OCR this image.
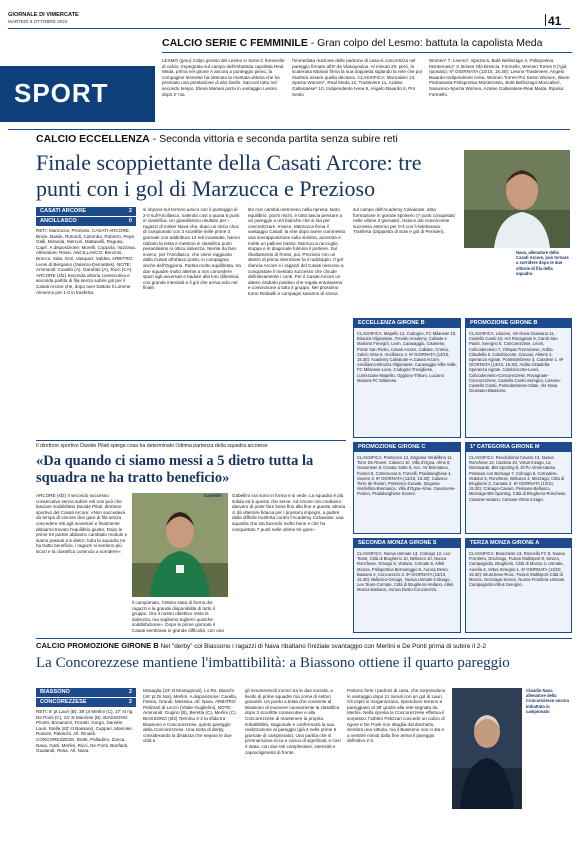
GIORNALE DI VIMERCATE
MARTEDÌ 8 OTTOBRE 2024	41
SPORT
CALCIO SERIE C FEMMINILE - Gran colpo del Lesmo: battuta la capolista Meda
LESMO (gmu) Colpo grosso del Lesmo in Serie C femminile di calcio. Impegnata sul campo dell'imbattuta capolista Real Meda, prima nel girone A ancora a punteggio pieno, la compagine lesmese ha ottenuto la meritata vittoria che ha premiato una prestazione di alto livello. Sacconi tutto nel secondo tempo. Elena Mariani porta in vantaggio Lesmo dopo 2' ma
l'immediata reazione delle padrone di casa si concretizza nel pareggio firmato all'8' da Vlasopoulou. Al minuto 20, però, la scatenata Mariani firma la sua doppietta siglando la rete che poi risulterà essere quella decisiva. CLASSIFICA: Moncalieri 13, Spezia Women*, Real Meda 12, Trastevere 11, Azalee Gallaratese* 10, Indipendente Ivrea 9, Angelo Baiardo 8, Pro Sesto
Women* 7, Lesmo*, Spezia 6, Bulè Bellinzago 4, Polisportiva Monterosso* 3, Brixen Obi Brescia, Formello, Women Torres 0 (*già riposato). 6ª GIORNATA (13/10, 15.30): Lesmo-Trastevere, Angelo Baiardo-Indipendente Ivrea, Women Torres-Pro Sesto Women, Bixen Pietrasanta-Polisportiva Monterosso, Bulè Bellinzago-Moncalieri, Saraceno-Spezia Women, Azalee Gallaratese-Real Meda. Riposa: Formello.
CALCIO ECCELLENZA - Seconda vittoria e seconda partita senza subire reti
Finale scoppiettante della Casati Arcore: tre punti con i gol di Marzucca e Prezioso
Nava, allenatore della Casati Arcore, può tornare a sorridere dopo le due vittorie di fila della squadra
CASATI ARCORE	2
ANCILLASCO	0
RETI: Marzucca, Prezioso. CASATI ARCORE: Brivio, Basile, Rotondi, Colombo, Ruberto, Pepe, Galli, Miranda, Mercuri, Mattavelli, Ragusa, Caprì. A disposizione: Morelli, Coppola, Vazzana. Allenatore: Rossi. ANCILLASCO: Benzoni, Brocco, Sala, Gori, Vasquez, Valdes. ARBITRO: Leoni di Bergamo (Salerno-Dematteis). NOTE: Ammoniti: Cavallo (A), Garofalo (A), Ricci (CA). ARCORE (sf2) Seconda vittoria consecutiva e seconda partita di fila senza subire gol per il Casati Arcore che, dopo aver battuto il Lomme Almenno per 1-0 in trasferta,
si impone sul terreno amico con il punteggio di 2-0 sull'Ancillasco, salendo così a quota 6 punti in classifica. Un grandissimo risultato per i ragazzi di mister Nava che, dopo un inizio choc di campionato con 3 sconfitte nelle prime 3 giornate con addirittura 12 reti incassate, hanno rialzato la testa e mettono in classifica punti pesantissimi in ottica salvezza. Niente da fare, invece, per l'Ancillasco, che viene raggiunto dalla Casati all'ottavo posto, in compagnia anche dell'Oggiono. Partita molto equilibrata, tra due squadre molto attente a non concedere spazi agli avversari e badare alla loro difensiva, con grande intensità e il gol che arriva solo nel finale.
tito non cambia nemmeno nella ripresa: tanto equilibrio, pochi rischi, e tutto lascia pensare a un pareggio a reti bianche che si sta per concretizzare. Invece, Marzucca firma il vantaggio Casati: la rete dopo avere commesso una sovrapposizione sulla sinistra, accentra e mette un pallone basso: Marzucca raccoglie, stoppa e in diagonale fulmina il portiere. Sul ribaltamento di fronte, poi, Prezioso con un destro di prima intenzione fa il raddoppio. Il gol rilancia Arcore e i ragazzi del Casati riescono a conquistare il meritato successo che chiude definitivamente i conti. Per il Casati Arcore un atteso risultato positivo che regala entusiasmo e convinzione a tutto il gruppo. Nel prossimo turno Redaelli e compagni saranno di scena
sul campo dell'Academy Calvairate, altra formazione in grande spolvero (7 punti conquistati nelle ultime 3 giornate), reduce dal convincente successo esterno per 0-3 con l'Aldebarana. Trasferta (doppietta di Sow e gol di Pensieri).
ECCELLENZA GIRONE B
CLASSIFICA: Mapello 12, Codogno, FC Milanese 10, Brianza Olginatese, Trevido Academy, Cabiate e Mariano Fenegrò, Leon, Caravaggio, Cisanese, Ponte San Pietro, Casati Arcore, Cabiate, Crema, Calcio Orsa 6, Ancillasco 4. 6ª GIORNATA (13/10, 15.30): Academy Calvairate-A.Casati Arcore, Ancillasco-Brianza Olginatese, Caravaggio-Villa Valle, FC Milanese-Leon, Codogno-Trevigliese, Lumezzane-Mapello, Oggiono-Tritium, Luciano Manara-FC Milanese.
PROMOZIONE GIRONE B
CLASSIFICA: Lissone, Vis Nova Giussano 11, Castello Cantù 10, Ars Rovagnate 9, Cantù San Paolo, Seregno 8, Concorezzese, Leoni, Colicodervieno 7, Olimpia Trezzanese, Ardita Cittadella 5, Calolziocorte, Giovani, Alserio 4, Speranza Agrate, Pontelambrese 3, Caratese 1. 6ª GIORNATA (13/10, 15.30): Ardita Cittadella-Speranza Agrate, Calolziocorte-Leoni, Colicodervieno-Concorezzese, Rovagnate-Concorezzese, Castello Cantù-Seregno, Lissone-Castello Cantù, Pontelambrese-Olate, Vis Nova Giussano-Biassono.
Il direttore sportivo Davide Pilati spiega cosa ha determinato l'ottima partenza della squadra arcorese
«Da quando ci siamo messi a 5 dietro tutta la squadra ne ha tratto beneficio»
ARCORE (sf2) Il secondo successo consecutivo senza subire reti non può che lasciare soddisfatto Davide Pilati, direttore sportivo del Casati Arcore: «Non succedeva da tempo di vincere due gare di fila senza concedere reti agli avversari e finalmente abbiamo trovato l'equilibrio giusto. Dopo le prime tre partite abbiamo cambiato modulo e siamo passati a 5 dietro: tutta la squadra ne ha tratto beneficio, i ragazzi si sentono più sicuri e la classifica comincia a sorridere».
Gabellini
il campionato, l'ottimo stato di forma dei ragazzi e la grande disponibilità di tutto il gruppo. Ora il nostro obiettivo resta la salvezza, ma vogliamo toglierci qualche soddisfazione». Dopo le prime giornate il Casati sembrava in grande difficoltà, con una
Gabellini ora sono in forma e si vede. La squadra è più solida ed è questo che serve. Ad Arcore ora crediamo davvero di poter fare bene fino alla fine e questa vittoria ci dà ulteriore fiducia per i prossimi impegni, a partire dalla difficile trasferta contro l'Academy Calvairate, una squadra che sta facendo molto bene e che ha conquistato 7 punti nelle ultime tre gare».
PROMOZIONE GIRONE C
CLASSIFICA: Pontevico 13, Zingonia Verdellino 11, Torre De Roveri, Calusco 10, Villa d'Ogna, Alme 8, Gavarnese 8, Cenate Sotto 6, Acc. AV Bremasca, Fiorino 6, Cortenuova 5, Forcelli, Pradalunghese 4, Sovere 3. 6ª GIORNATA (13/10, 15.30): Calusco-Torre de Roveri, Pontevico-Cenate, Zingonia Verdellino-Bremasca, Villa d'Ogna-Alme, Gavarnese-Fiorino, Pradalunghese-Sovere.
1ª CATEGORIA GIRONE M
CLASSIFICA: Revolutional Cavaro 13, Nuova Ronchese 12, Cassina 10, Virtus Inzago, La Dominante, BM Sporting 8, Di Po Vimercatese, Pessano con Bornago 7, Colnago 6, Cornatese, Vedano 5, Ronchese, Bellusco 4, Mezzago, Città di Brugherio 3, Carnate 2. 6ª GIORNATA (13/10, 15.30): Colnago-Cavaro, Pessano-Bellusco, Mezzago-BM Sporting, Città di Brugherio-Ronchese, Cassina-Vedano, Carnate-Virtus Inzago.
SECONDA MONZA GIRONE S
CLASSIFICA: Nuova Usmate 13, Colnago 12, Leo Team, Città di Brugherio 10, Bellusco 10, Nuova Ronchese, Ornago 8, Vedano, Cornate 6, Atleti Monza, Polisportiva Bernareggio 5, Aurora Desio, Basiano 4, Concorezzo 3. 6ª GIORNATA (13/10, 15.30): Bellusco-Ornago, Nuova Usmate-Colnago, Leo Team-Cornate, Città di Brugherio-Vedano, Atleti Monza-Basiano, Aurora Desio-Concorezzo.
TERZA MONZA GIRONE A
CLASSIFICA: Bruschese 13, Roncello FC 9, Nuova Frontiera, Grezzago, Fusion Multisport 8, Sovico, Campagnola, Brugherio, Città di Monza 4, Usmate, Aurelia 3, Virtus Seregno 1. 6ª GIORNATA (13/10, 15.30): Bruschese-Ronc. Fusion Multisport-Città di Monza, Grezzago-Sovico, Nuova Frontiera-Usmate, Campagnola-Virtus Seregno.
CALCIO PROMOZIONE GIRONE B Nel "derby" col Biassono i ragazzi di Nava ribaltano l'iniziale svantaggio con Merlini e De Ponti prima di subire il 2-2
La Concorezzese mantiene l'imbattibilità: a Biassono ottiene il quarto pareggio
BIASSONO	2
CONCOREZZESE	2
RETI: 8' pt Lauri (B), 38' pt Merlini (C), 17' st rig. De Ponti (C), 23' st Mannise (B). BIASSONO: Pinotti, Bonanomi, Fioratti, Gorgo, Daniele, Lauri, Stella (63' st Bassani), Cuppari, Mannise, Rossini, Paloschi. All. Rinaldi. CONCOREZZESE: Bratti, Palladino, Zonca, Nava, Gatti, Merlini, Ricci, De Ponti, Bonfanti, Gualandi, Rosa. All. Nava.
Mosaglia (23' st Montagnosi), Lo Re, Bianchi (46' pt Di Noi), Merlini. A disposizione: Carella, Fatma, Grandi, Messina. All. Nava. ARBITRO: Pelizzari di Lecco (Vitale-Guglielmi). NOTE: Ammoniti: Gugino (B), Beretta (C), Merlini (C). BIASSONO (sf2) Termina 2-2 la sfida tra Biassono e Concorezzese, quinto pareggio della Concorezzese. Una sorta di derby, considerando la distanza che separa le due città e
gli innumerevoli incroci tra le due società, a livello di prime squadre ma come di settori giovanili. Un punto a testa che consente al Biassono di muovere nuovamente la classifica dopo 3 sconfitte consecutive e alla Concorezzese di mantenere la propria imbattibilità, stagionale e confermarsi la sua realizzazione al pareggio (già 4 nelle prime 5 giornate di campionato). Una partita che si prennunciava ricca e carica di significati, e così è stata, con due reti complessive, intensità e capovolgimenti di fronte.
Partono forte i padroni di casa, che sorprendono in vantaggio dopo 11 minuti con un gol di Lauri. Gli ospiti si riorganizzano, riprendono terreno e pareggiano al 38' grazie alla rete segnata da Merlini. Nella ripresa la Concorezzese effettua il sorpasso: l'arbitro Pelizzari concede un calcio di rigore e De Ponti non sbaglia dal dischetto. Sembra una vittoria, ma il Biassono non ci sta e a ventitré minuti dalla fine arriva il pareggio definitivo 2-2.
Claudio Nava allenatore della Concorezzese ancora imbattuta in campionato
